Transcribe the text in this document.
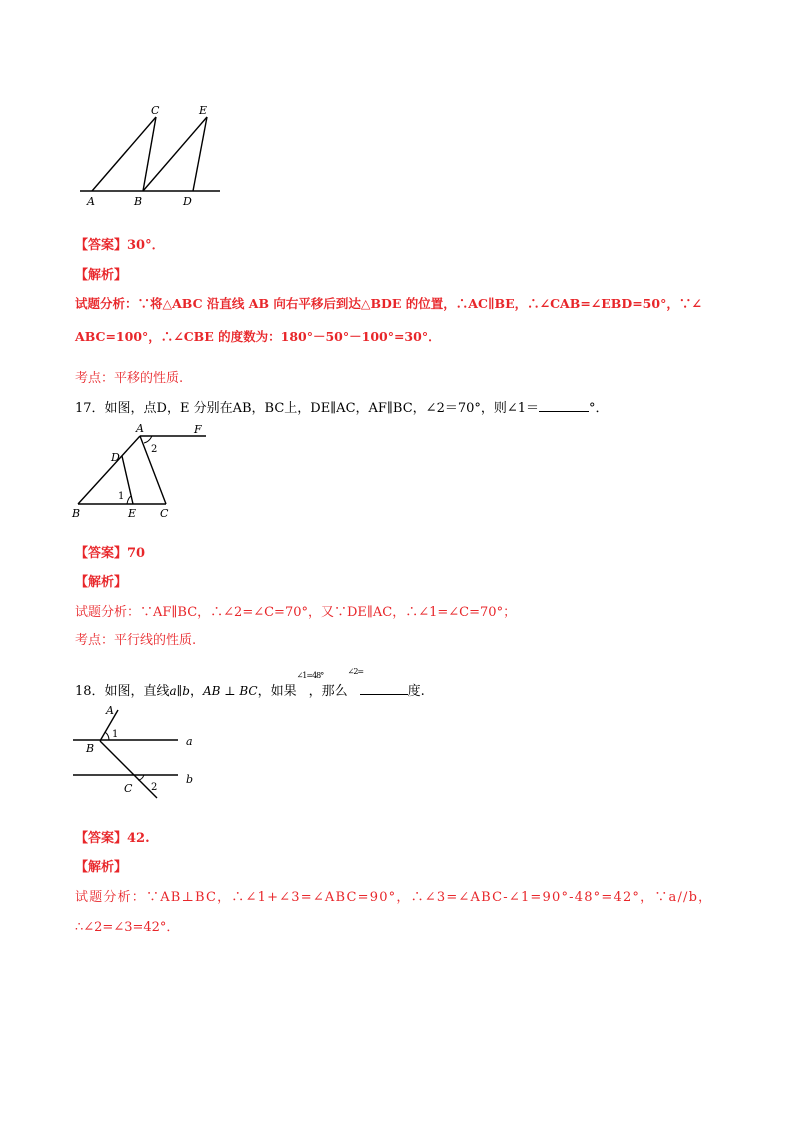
C	E
A	B	D
【答案】30°．
【解析】
试题分析：∵将△ABC 沿直线 AB 向右平移后到达△BDE 的位置，∴AC∥BE，∴∠CAB=∠EBD=50°，∵∠
ABC=100°，∴∠CBE 的度数为：180°－50°－100°=30°．
考点：平移的性质.
17．如图，点D，E 分别在AB，BC上，DE∥AC，AF∥BC，∠2＝70°，则∠1＝	°．
A	F
D
B	E C
1
2
【答案】70
【解析】
试题分析：∵AF∥BC，∴∠2=∠C=70°，又∵DE∥AC，∴∠1=∠C=70°；
考点：平行线的性质.
18．如图，直线a∥b，AB ⊥ BC，如果∠1=48°，那么∠2=度.
A
B
C
a
b
1
2
【答案】42.
【解析】
试题分析：∵AB⊥BC，∴∠1+∠3=∠ABC=90°，∴∠3=∠ABC-∠1=90°-48°=42°，∵a//b，
∴∠2=∠3=42°．
